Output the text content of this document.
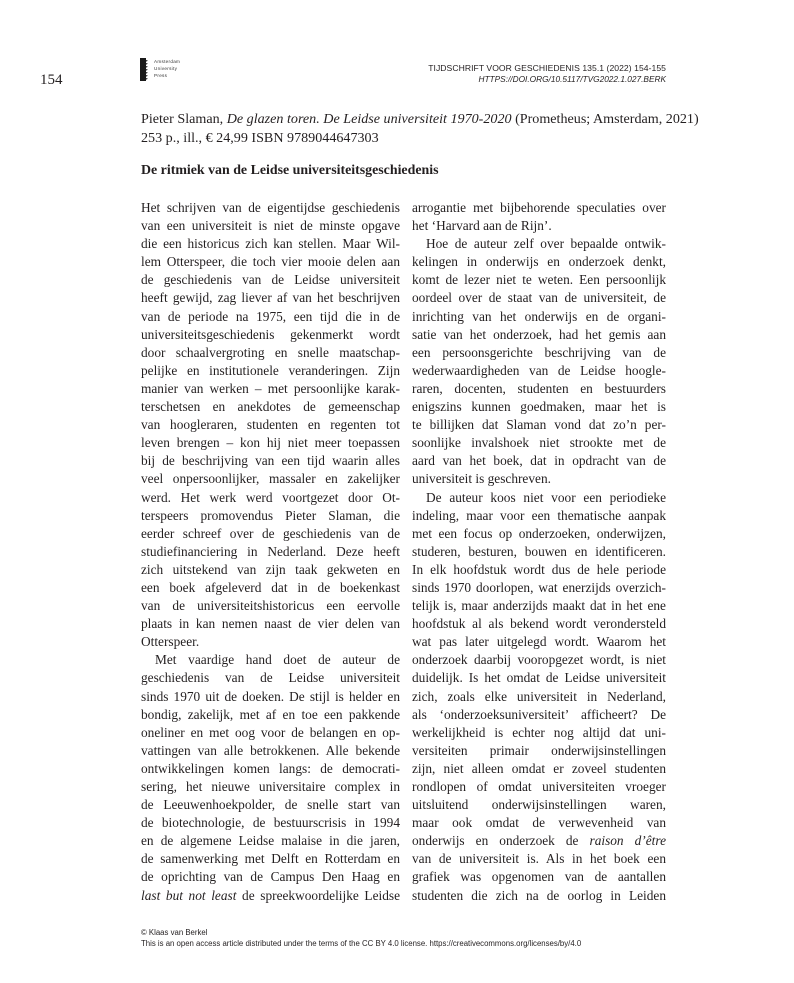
154
Amsterdam
University
Press
TIJDSCHRIFT VOOR GESCHIEDENIS 135.1 (2022) 154-155
HTTPS://DOI.ORG/10.5117/TVG2022.1.027.BERK
Pieter Slaman, De glazen toren. De Leidse universiteit 1970-2020 (Prometheus; Amsterdam, 2021)
253 p., ill., € 24,99 ISBN 9789044647303
De ritmiek van de Leidse universiteitsgeschiedenis
Het schrijven van de eigentijdse geschiedenis
van een universiteit is niet de minste opgave
die een historicus zich kan stellen. Maar Wil-
lem Otterspeer, die toch vier mooie delen aan
de geschiedenis van de Leidse universiteit
heeft gewijd, zag liever af van het beschrijven
van de periode na 1975, een tijd die in de
universiteitsgeschiedenis gekenmerkt wordt
door schaalvergroting en snelle maatschap-
pelijke en institutionele veranderingen. Zijn
manier van werken – met persoonlijke karak-
terschetsen en anekdotes de gemeenschap
van hoogleraren, studenten en regenten tot
leven brengen – kon hij niet meer toepassen
bij de beschrijving van een tijd waarin alles
veel onpersoonlijker, massaler en zakelijker
werd. Het werk werd voortgezet door Ot-
terspeers promovendus Pieter Slaman, die
eerder schreef over de geschiedenis van de
studiefinanciering in Nederland. Deze heeft
zich uitstekend van zijn taak gekweten en
een boek afgeleverd dat in de boekenkast
van de universiteitshistoricus een eervolle
plaats in kan nemen naast de vier delen van
Otterspeer.
Met vaardige hand doet de auteur de
geschiedenis van de Leidse universiteit
sinds 1970 uit de doeken. De stijl is helder en
bondig, zakelijk, met af en toe een pakkende
oneliner en met oog voor de belangen en op-
vattingen van alle betrokkenen. Alle bekende
ontwikkelingen komen langs: de democrati-
sering, het nieuwe universitaire complex in
de Leeuwenhoekpolder, de snelle start van
de biotechnologie, de bestuurscrisis in 1994
en de algemene Leidse malaise in die jaren,
de samenwerking met Delft en Rotterdam en
de oprichting van de Campus Den Haag en
last but not least de spreekwoordelijke Leidse
arrogantie met bijbehorende speculaties over
het ‘Harvard aan de Rijn’.
Hoe de auteur zelf over bepaalde ontwik-
kelingen in onderwijs en onderzoek denkt,
komt de lezer niet te weten. Een persoonlijk
oordeel over de staat van de universiteit, de
inrichting van het onderwijs en de organi-
satie van het onderzoek, had het gemis aan
een persoonsgerichte beschrijving van de
wederwaardigheden van de Leidse hoogle-
raren, docenten, studenten en bestuurders
enigszins kunnen goedmaken, maar het is
te billijken dat Slaman vond dat zo’n per-
soonlijke invalshoek niet strookte met de
aard van het boek, dat in opdracht van de
universiteit is geschreven.
De auteur koos niet voor een periodieke
indeling, maar voor een thematische aanpak
met een focus op onderzoeken, onderwijzen,
studeren, besturen, bouwen en identificeren.
In elk hoofdstuk wordt dus de hele periode
sinds 1970 doorlopen, wat enerzijds overzich-
telijk is, maar anderzijds maakt dat in het ene
hoofdstuk al als bekend wordt verondersteld
wat pas later uitgelegd wordt. Waarom het
onderzoek daarbij vooropgezet wordt, is niet
duidelijk. Is het omdat de Leidse universiteit
zich, zoals elke universiteit in Nederland,
als ‘onderzoeksuniversiteit’ afficheert? De
werkelijkheid is echter nog altijd dat uni-
versiteiten primair onderwijsinstellingen
zijn, niet alleen omdat er zoveel studenten
rondlopen of omdat universiteiten vroeger
uitsluitend onderwijsinstellingen waren,
maar ook omdat de verwevenheid van
onderwijs en onderzoek de raison d’être
van de universiteit is. Als in het boek een
grafiek was opgenomen van de aantallen
studenten die zich na de oorlog in Leiden
© Klaas van Berkel
This is an open access article distributed under the terms of the CC BY 4.0 license. https://creativecommons.org/licenses/by/4.0
